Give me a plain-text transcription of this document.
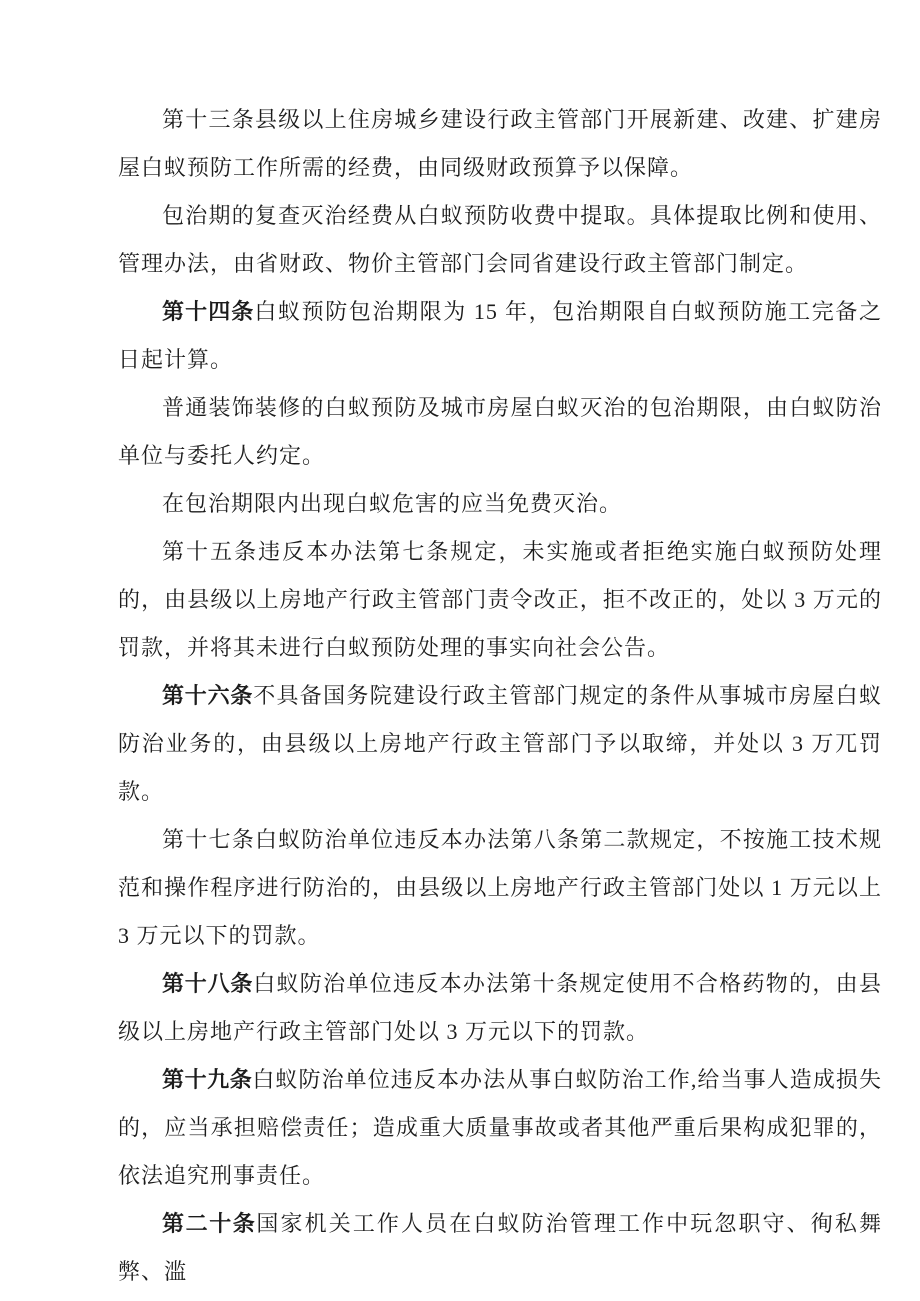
第十三条县级以上住房城乡建设行政主管部门开展新建、改建、扩建房屋白蚁预防工作所需的经费，由同级财政预算予以保障。

包治期的复查灭治经费从白蚁预防收费中提取。具体提取比例和使用、管理办法，由省财政、物价主管部门会同省建设行政主管部门制定。

第十四条白蚁预防包治期限为 15 年，包治期限自白蚁预防施工完备之日起计算。

普通装饰装修的白蚁预防及城市房屋白蚁灭治的包治期限，由白蚁防治单位与委托人约定。

在包治期限内出现白蚁危害的应当免费灭治。

第十五条违反本办法第七条规定，未实施或者拒绝实施白蚁预防处理的，由县级以上房地产行政主管部门责令改正，拒不改正的，处以 3 万元的罚款，并将其未进行白蚁预防处理的事实向社会公告。

第十六条不具备国务院建设行政主管部门规定的条件从事城市房屋白蚁防治业务的，由县级以上房地产行政主管部门予以取缔，并处以 3 万兀罚款。

第十七条白蚁防治单位违反本办法第八条第二款规定，不按施工技术规范和操作程序进行防治的，由县级以上房地产行政主管部门处以 1 万元以上 3 万元以下的罚款。

第十八条白蚁防治单位违反本办法第十条规定使用不合格药物的，由县级以上房地产行政主管部门处以 3 万元以下的罚款。

第十九条白蚁防治单位违反本办法从事白蚁防治工作,给当事人造成损失的，应当承担赔偿责任；造成重大质量事故或者其他严重后果构成犯罪的，依法追究刑事责任。

第二十条国家机关工作人员在白蚁防治管理工作中玩忽职守、徇私舞弊、滥
